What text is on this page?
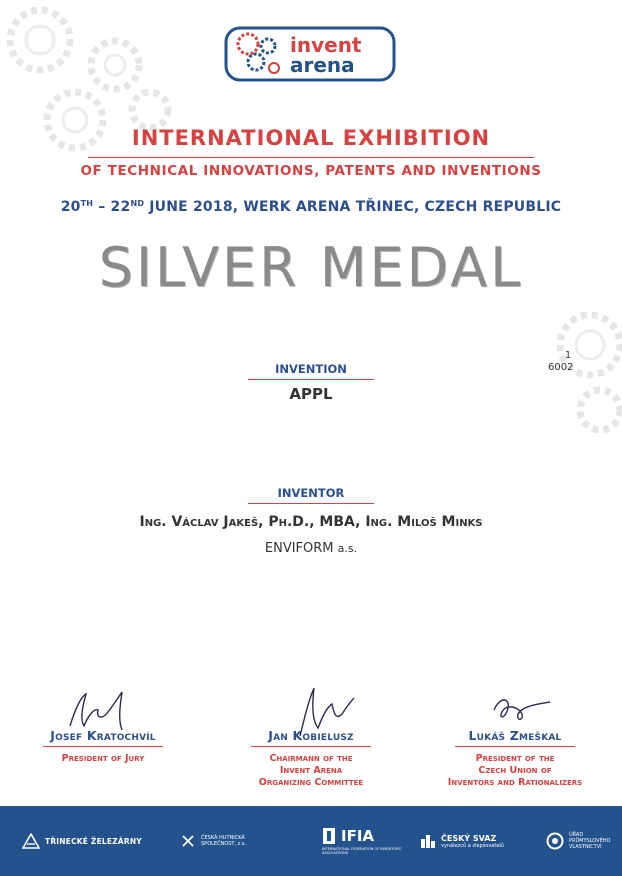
invent
arena
INTERNATIONAL EXHIBITION
OF TECHNICAL INNOVATIONS, PATENTS AND INVENTIONS
20TH – 22ND JUNE 2018, WERK ARENA TŘINEC, CZECH REPUBLIC
SILVER MEDAL
1
6002
INVENTION
APPL
INVENTOR
Ing. Václav Jakeš, Ph.D., MBA, Ing. Miloš Minks
ENVIFORM a.s.
Josef Kratochvíl
President of Jury
Jan Kobielusz
Chairmann of the
Invent Arena
Organizing Committee
Lukáš Zmeškal
President of the
Czech Union of
Inventors and Rationalizers
TŘINECKÉ ŽELEZÁRNY	ČESKÁ HUTNICKÁ
SPOLEČNOST, z.s.	IFIA
INTERNATIONAL FEDERATION OF INVENTORS' ASSOCIATIONS
ČESKÝ SVAZ
vynálezců a zlepšovatelů
ÚŘAD
PRŮMYSLOVÉHO
VLASTNICTVÍ
